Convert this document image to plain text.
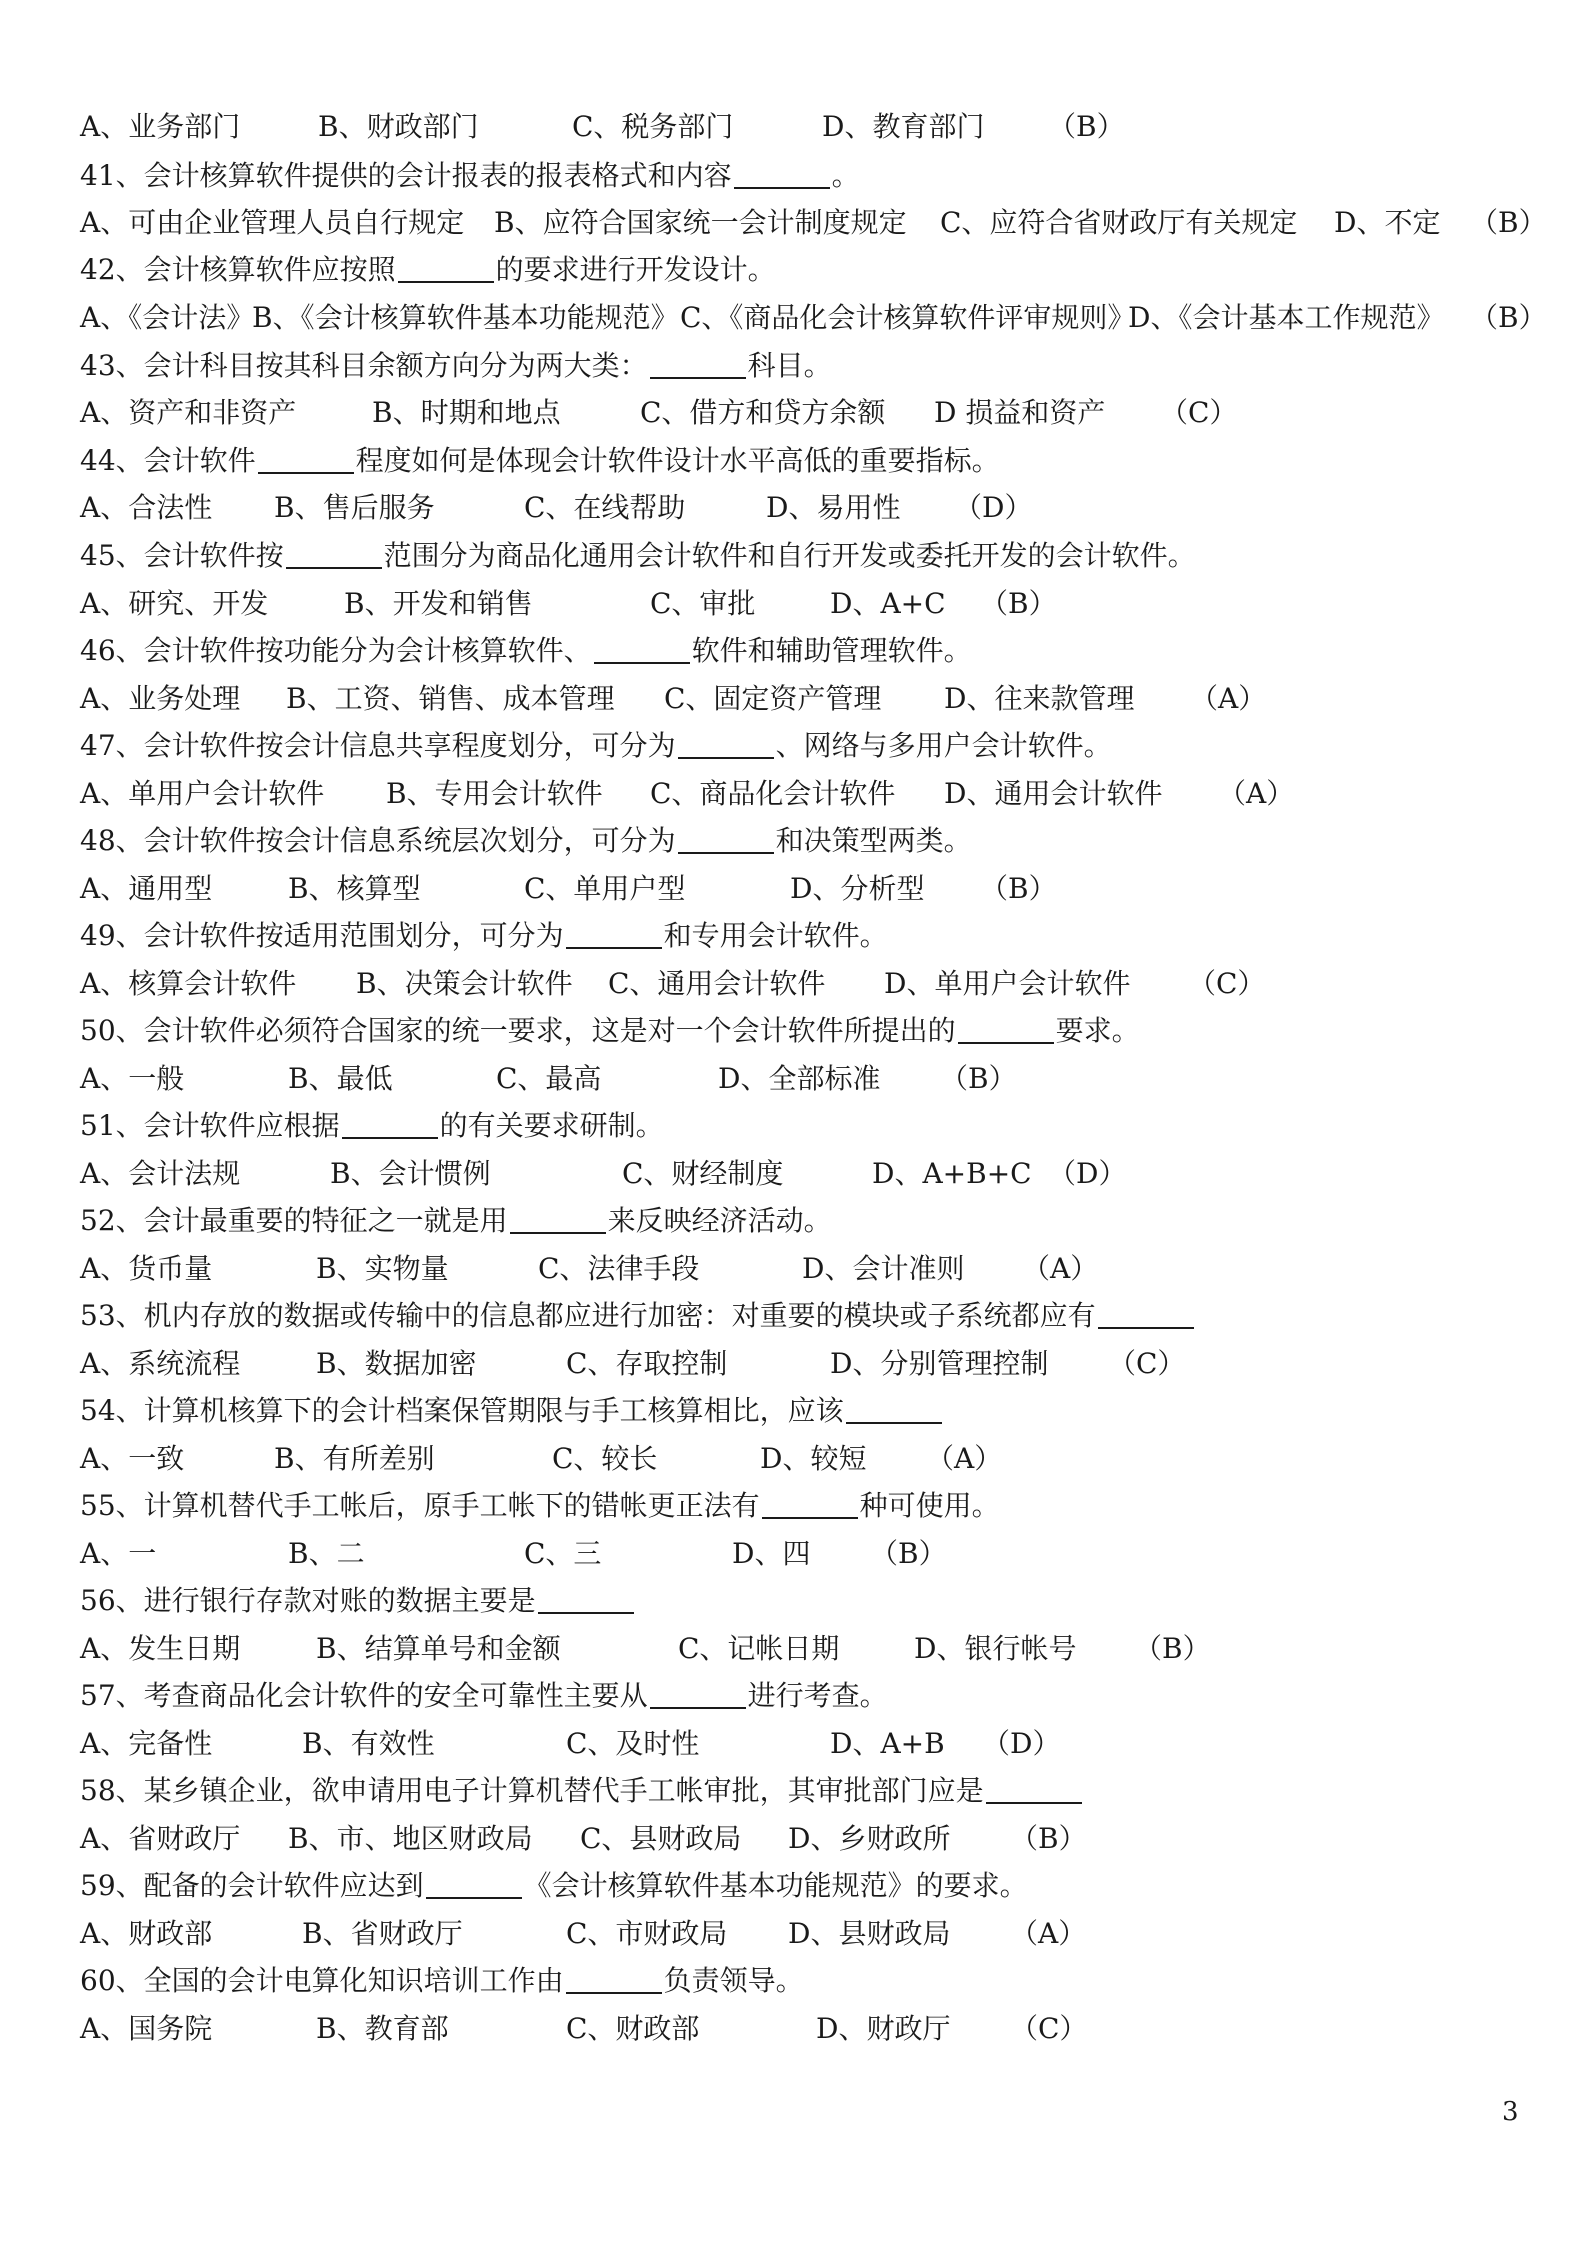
A、业务部门	B、财政部门	C、税务部门	D、教育部门 （B）
41、会计核算软件提供的会计报表的报表格式和内容	。
A、可由企业管理人员自行规定 B、应符合国家统一会计制度规定 C、应符合省财政厅有关规定 D、不定 （B）
42、会计核算软件应按照	的要求进行开发设计。
A、《会计法》
B、《会计核算软件基本功能规范》 C、《商品化会计核算软件评审规则》
D、《会计基本工作规范》 （B）
43、会计科目按其科目余额方向分为两大类：	科目。
A、资产和非资产	B、时期和地点	C、借方和贷方余额 D 损益和资产 （C）
44、会计软件	程度如何是体现会计软件设计水平高低的重要指标。
A、合法性 B、售后服务	C、在线帮助	D、易用性 （D）
45、会计软件按	范围分为商品化通用会计软件和自行开发或委托开发的会计软件。
A、研究、开发	B、开发和销售	C、审批	D、A+C （B）
46、会计软件按功能分为会计核算软件、	软件和辅助管理软件。
A、业务处理 B、工资、销售、成本管理 C、固定资产管理 D、往来款管理 （A）
47、会计软件按会计信息共享程度划分，可分为	、网络与多用户会计软件。
A、单用户会计软件 B、专用会计软件 C、商品化会计软件 D、通用会计软件 （A）
48、会计软件按会计信息系统层次划分，可分为	和决策型两类。
A、通用型	B、核算型	C、单用户型	D、分析型 （B）
49、会计软件按适用范围划分，可分为	和专用会计软件。
A、核算会计软件 B、决策会计软件 C、通用会计软件 D、单用户会计软件 （C）
50、会计软件必须符合国家的统一要求，这是对一个会计软件所提出的	要求。
A、一般	B、最低	C、最高	D、全部标准 （B）
51、会计软件应根据	的有关要求研制。
A、会计法规	B、会计惯例	C、财经制度	D、A+B+C （D）
52、会计最重要的特征之一就是用	来反映经济活动。
A、货币量	B、实物量	C、法律手段	D、会计准则 （A）
53、机内存放的数据或传输中的信息都应进行加密：对重要的模块或子系统都应有
A、系统流程	B、数据加密	C、存取控制	D、分别管理控制 （C）
54、计算机核算下的会计档案保管期限与手工核算相比，应该
A、一致	B、有所差别	C、较长	D、较短 （A）
55、计算机替代手工帐后，原手工帐下的错帐更正法有	种可使用。
A、一	B、二	C、三	D、四 （B）
56、进行银行存款对账的数据主要是
A、发生日期	B、结算单号和金额	C、记帐日期	D、银行帐号 （B）
57、考查商品化会计软件的安全可靠性主要从	进行考查。
A、完备性	B、有效性	C、及时性	D、A+B （D）
58、某乡镇企业，欲申请用电子计算机替代手工帐审批，其审批部门应是
A、省财政厅 B、市、地区财政局 C、县财政局 D、乡财政所 （B）
59、配备的会计软件应达到	《会计核算软件基本功能规范》的要求。
A、财政部	B、省财政厅	C、市财政局 D、县财政局 （A）
60、全国的会计电算化知识培训工作由	负责领导。
A、国务院	B、教育部	C、财政部	D、财政厅 （C）
3
